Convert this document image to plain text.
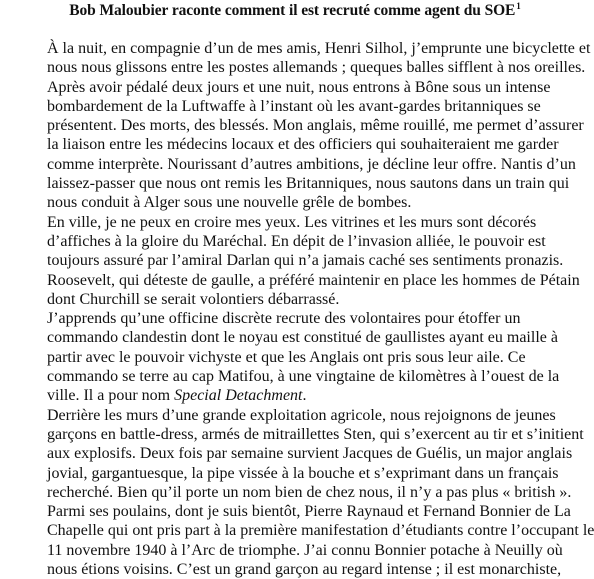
Bob Maloubier raconte comment il est recruté comme agent du SOE$^1$
À la nuit, en compagnie d’un de mes amis, Henri Silhol, j’emprunte une bicyclette et
nous nous glissons entre les postes allemands ; queques balles sifflent à nos oreilles.
Après avoir pédalé deux jours et une nuit, nous entrons à Bône sous un intense
bombardement de la Luftwaffe à l’instant où les avant-gardes britanniques se
présentent. Des morts, des blessés. Mon anglais, même rouillé, me permet d’assurer
la liaison entre les médecins locaux et des officiers qui souhaiteraient me garder
comme interprète. Nourissant d’autres ambitions, je décline leur offre. Nantis d’un
laissez-passer que nous ont remis les Britanniques, nous sautons dans un train qui
nous conduit à Alger sous une nouvelle grêle de bombes.
En ville, je ne peux en croire mes yeux. Les vitrines et les murs sont décorés
d’affiches à la gloire du Maréchal. En dépit de l’invasion alliée, le pouvoir est
toujours assuré par l’amiral Darlan qui n’a jamais caché ses sentiments pronazis.
Roosevelt, qui déteste de gaulle, a préféré maintenir en place les hommes de Pétain
dont Churchill se serait volontiers débarrassé.
J’apprends qu’une officine discrète recrute des volontaires pour étoffer un
commando clandestin dont le noyau est constitué de gaullistes ayant eu maille à
partir avec le pouvoir vichyste et que les Anglais ont pris sous leur aile. Ce
commando se terre au cap Matifou, à une vingtaine de kilomètres à l’ouest de la
ville. Il a pour nom Special Detachment.
Derrière les murs d’une grande exploitation agricole, nous rejoignons de jeunes
garçons en battle-dress, armés de mitraillettes Sten, qui s’exercent au tir et s’initient
aux explosifs. Deux fois par semaine survient Jacques de Guélis, un major anglais
jovial, gargantuesque, la pipe vissée à la bouche et s’exprimant dans un français
recherché. Bien qu’il porte un nom bien de chez nous, il n’y a pas plus « british ».
Parmi ses poulains, dont je suis bientôt, Pierre Raynaud et Fernand Bonnier de La
Chapelle qui ont pris part à la première manifestation d’étudiants contre l’occupant le
11 novembre 1940 à l’Arc de triomphe. J’ai connu Bonnier potache à Neuilly où
nous étions voisins. C’est un grand garçon au regard intense ; il est monarchiste,
